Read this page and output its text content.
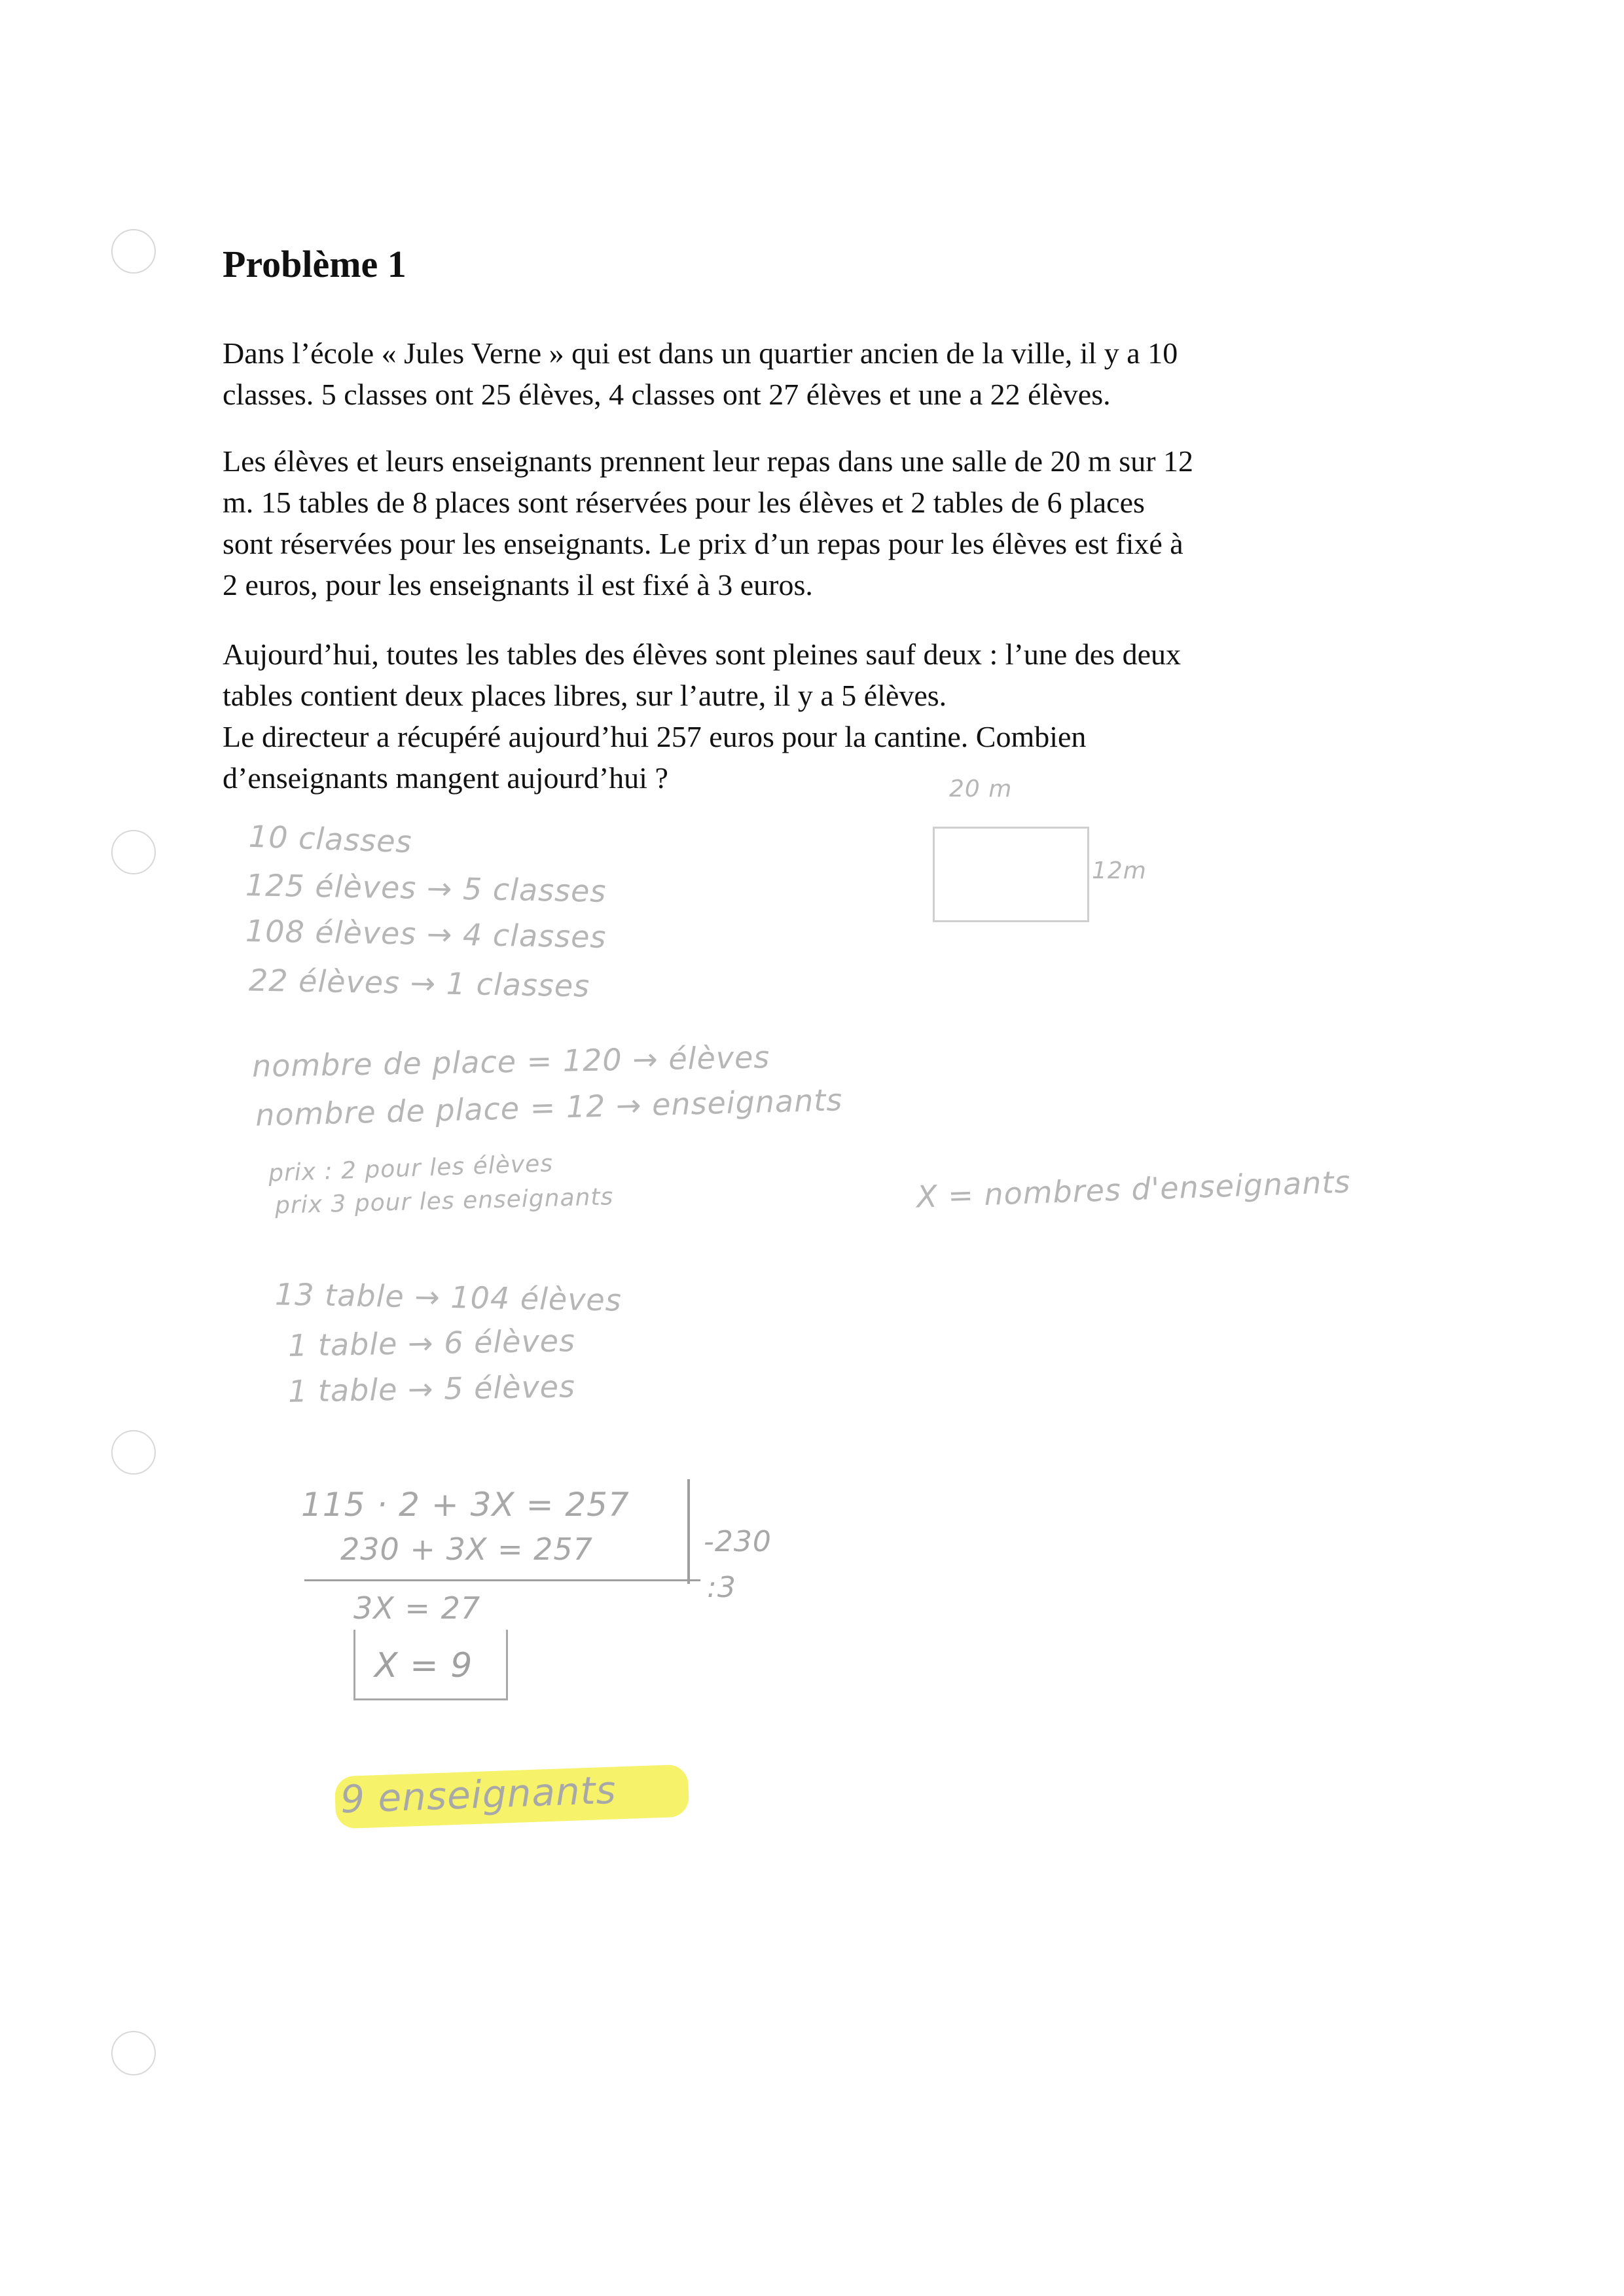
Problème 1

Dans l’école « Jules Verne » qui est dans un quartier ancien de la ville, il y a 10
classes. 5 classes ont 25 élèves, 4 classes ont 27 élèves et une a 22 élèves.

Les élèves et leurs enseignants prennent leur repas dans une salle de 20 m sur 12
m. 15 tables de 8 places sont réservées pour les élèves et 2 tables de 6 places
sont réservées pour les enseignants. Le prix d’un repas pour les élèves est fixé à
2 euros, pour les enseignants il est fixé à 3 euros.

Aujourd’hui, toutes les tables des élèves sont pleines sauf deux : l’une des deux
tables contient deux places libres, sur l’autre, il y a 5 élèves.
Le directeur a récupéré aujourd’hui 257 euros pour la cantine. Combien
d’enseignants mangent aujourd’hui ?	20 m
12m
10 classes
125 élèves → 5 classes
108 élèves → 4 classes
22 élèves → 1 classes
nombre de place = 120 → élèves
nombre de place = 12 → enseignants
prix : 2 pour les élèves
prix 3 pour les enseignants	X = nombres d'enseignants
13 table → 104 élèves
1 table → 6 élèves
1 table → 5 élèves
115 · 2 + 3X = 257
230 + 3X = 257	-230
:3
3X = 27
X = 9
9 enseignants
